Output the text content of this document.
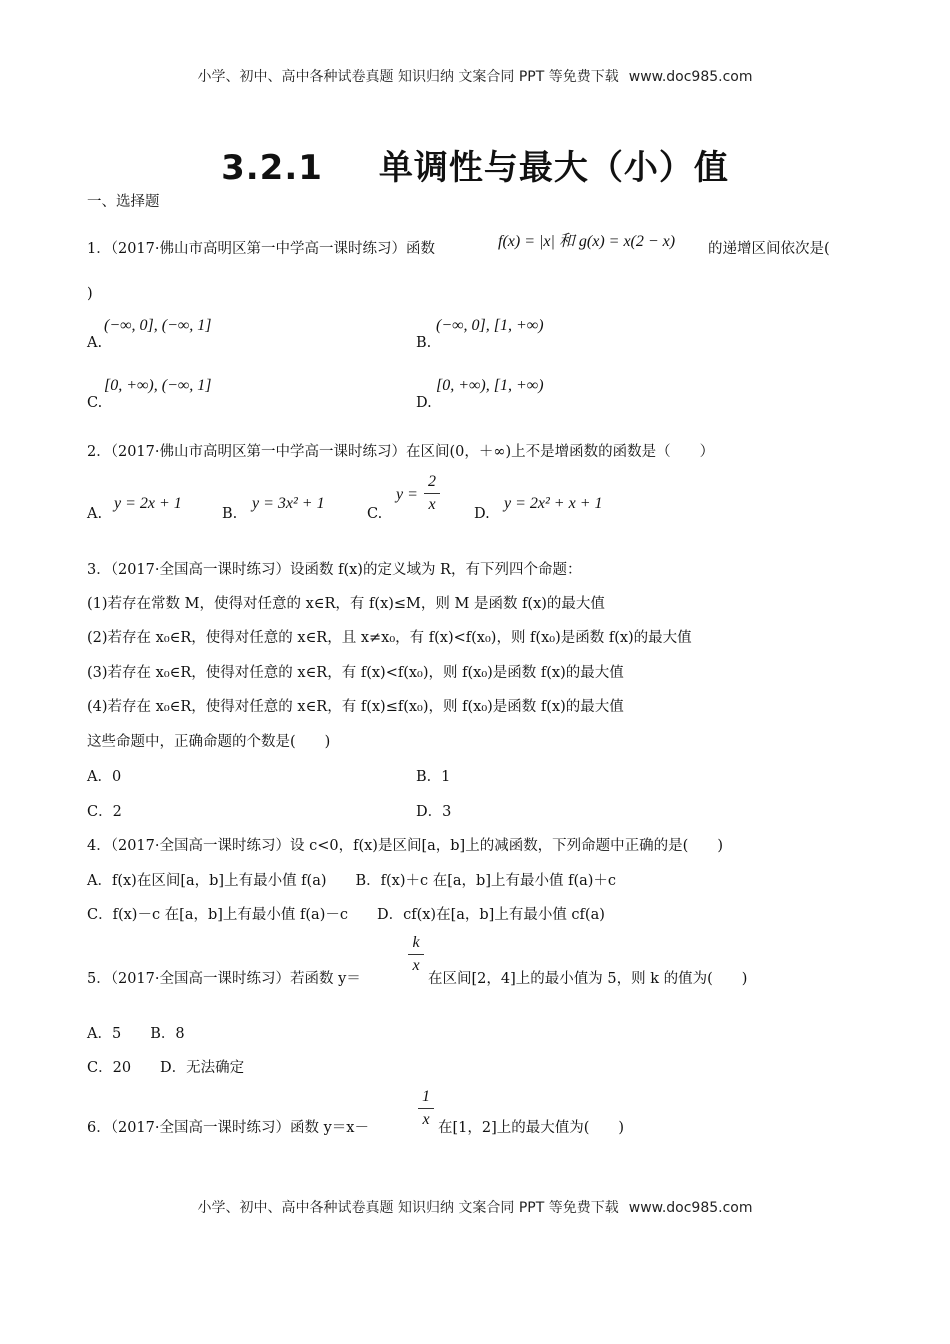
小学、初中、高中各种试卷真题 知识归纳 文案合同 PPT 等免费下载 www.doc985.com
3.2.1 单调性与最大（小）值
一、选择题
1．（2017·佛山市高明区第一中学高一课时练习）函数	f(x) = |x| 和 g(x) = x(2 − x) 的递增区间依次是(
)
A.
(−∞, 0], (−∞, 1]
B.
(−∞, 0], [1, +∞)
C.
[0, +∞), (−∞, 1]
D.
[0, +∞), [1, +∞)
2．（2017·佛山市高明区第一中学高一课时练习）在区间(0，＋∞)上不是增函数的函数是（　　）
A.
y = 2x + 1
B.
y = 3x² + 1
C.
y =
2
x
D.
y = 2x² + x + 1
3．（2017·全国高一课时练习）设函数 f(x)的定义域为 R，有下列四个命题：
(1)若存在常数 M，使得对任意的 x∈R，有 f(x)≤M，则 M 是函数 f(x)的最大值
(2)若存在 x₀∈R，使得对任意的 x∈R，且 x≠x₀，有 f(x)<f(x₀)，则 f(x₀)是函数 f(x)的最大值
(3)若存在 x₀∈R，使得对任意的 x∈R，有 f(x)<f(x₀)，则 f(x₀)是函数 f(x)的最大值
(4)若存在 x₀∈R，使得对任意的 x∈R，有 f(x)≤f(x₀)，则 f(x₀)是函数 f(x)的最大值
这些命题中，正确命题的个数是(　　)
A．0	B．1
C．2	D．3
4．（2017·全国高一课时练习）设 c<0，f(x)是区间[a，b]上的减函数，下列命题中正确的是(　　)
A．f(x)在区间[a，b]上有最小值 f(a)　　B．f(x)＋c 在[a，b]上有最小值 f(a)＋c
C．f(x)－c 在[a，b]上有最小值 f(a)－c　　D．cf(x)在[a，b]上有最小值 cf(a)
5．（2017·全国高一课时练习）若函数 y＝
k
x
在区间[2，4]上的最小值为 5，则 k 的值为(　　)
A．5　　B．8
C．20　　D．无法确定
6．（2017·全国高一课时练习）函数 y＝x－
1
x 在[1，2]上的最大值为(　　)
小学、初中、高中各种试卷真题 知识归纳 文案合同 PPT 等免费下载 www.doc985.com
